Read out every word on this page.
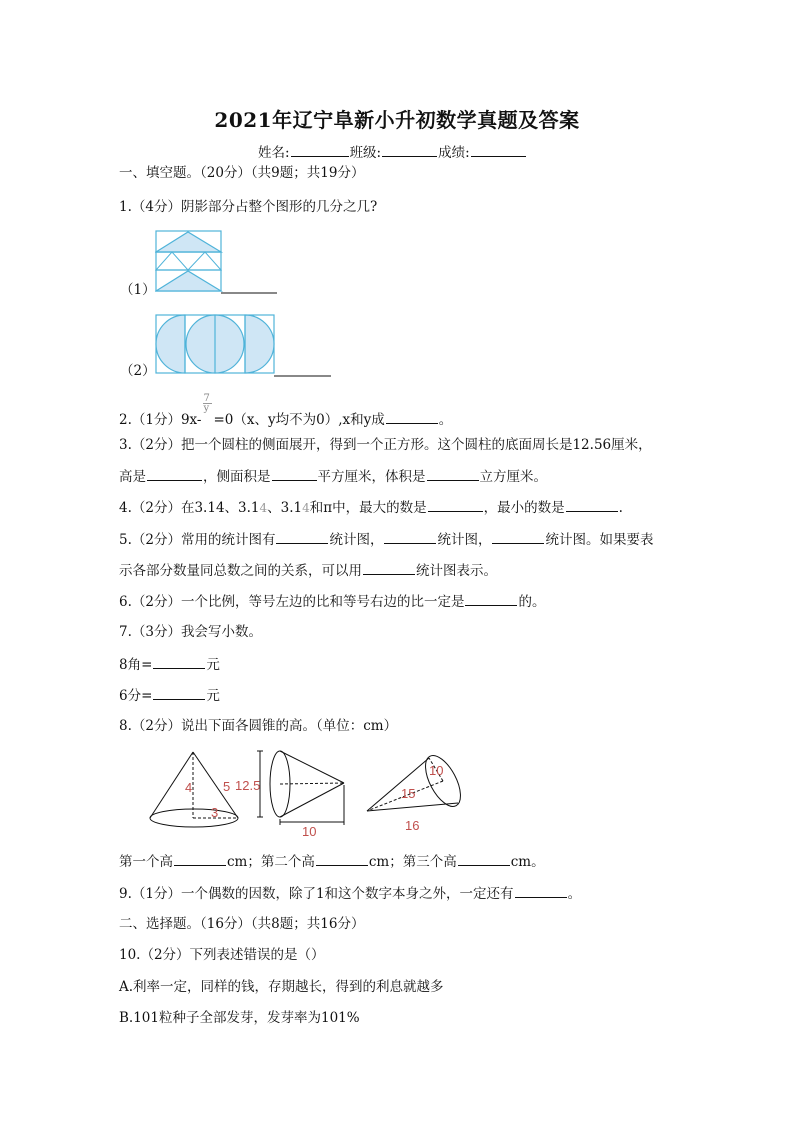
2021年辽宁阜新小升初数学真题及答案
姓名:	班级:	成绩:
一、填空题。（20分）（共9题；共19分）
1.（4分）阴影部分占整个图形的几分之几?
（1）
（2）
2.（1分）$9x- \frac{7}{y} =0(x$、y均不为0）,x和y成	。
3.（2分）把一个圆柱的侧面展开，得到一个正方形。这个圆柱的底面周长是12.56厘米，
高是	，侧面积是	平方厘米，体积是	立方厘米。
4.（2分）在3.14、3.14、3.14和π中，最大的数是	，最小的数是	.
5.（2分）常用的统计图有	统计图，	统计图，	统计图。如果要表
示各部分数量同总数之间的关系，可以用	统计图表示。
6.（2分）一个比例，等号左边的比和等号右边的比一定是	的。
7.（3分）我会写小数。
8角=	元
6分=	元
8.（2分）说出下面各圆锥的高。（单位：cm）
4 5
3
12.5
10
10
15
16
第一个高	cm；第二个高	cm；第三个高	cm。
9.（1分）一个偶数的因数，除了1和这个数字本身之外，一定还有	。
二、选择题。（16分）（共8题；共16分）
10.（2分）下列表述错误的是（）
A.利率一定，同样的钱，存期越长，得到的利息就越多
B.101粒种子全部发芽，发芽率为101%
